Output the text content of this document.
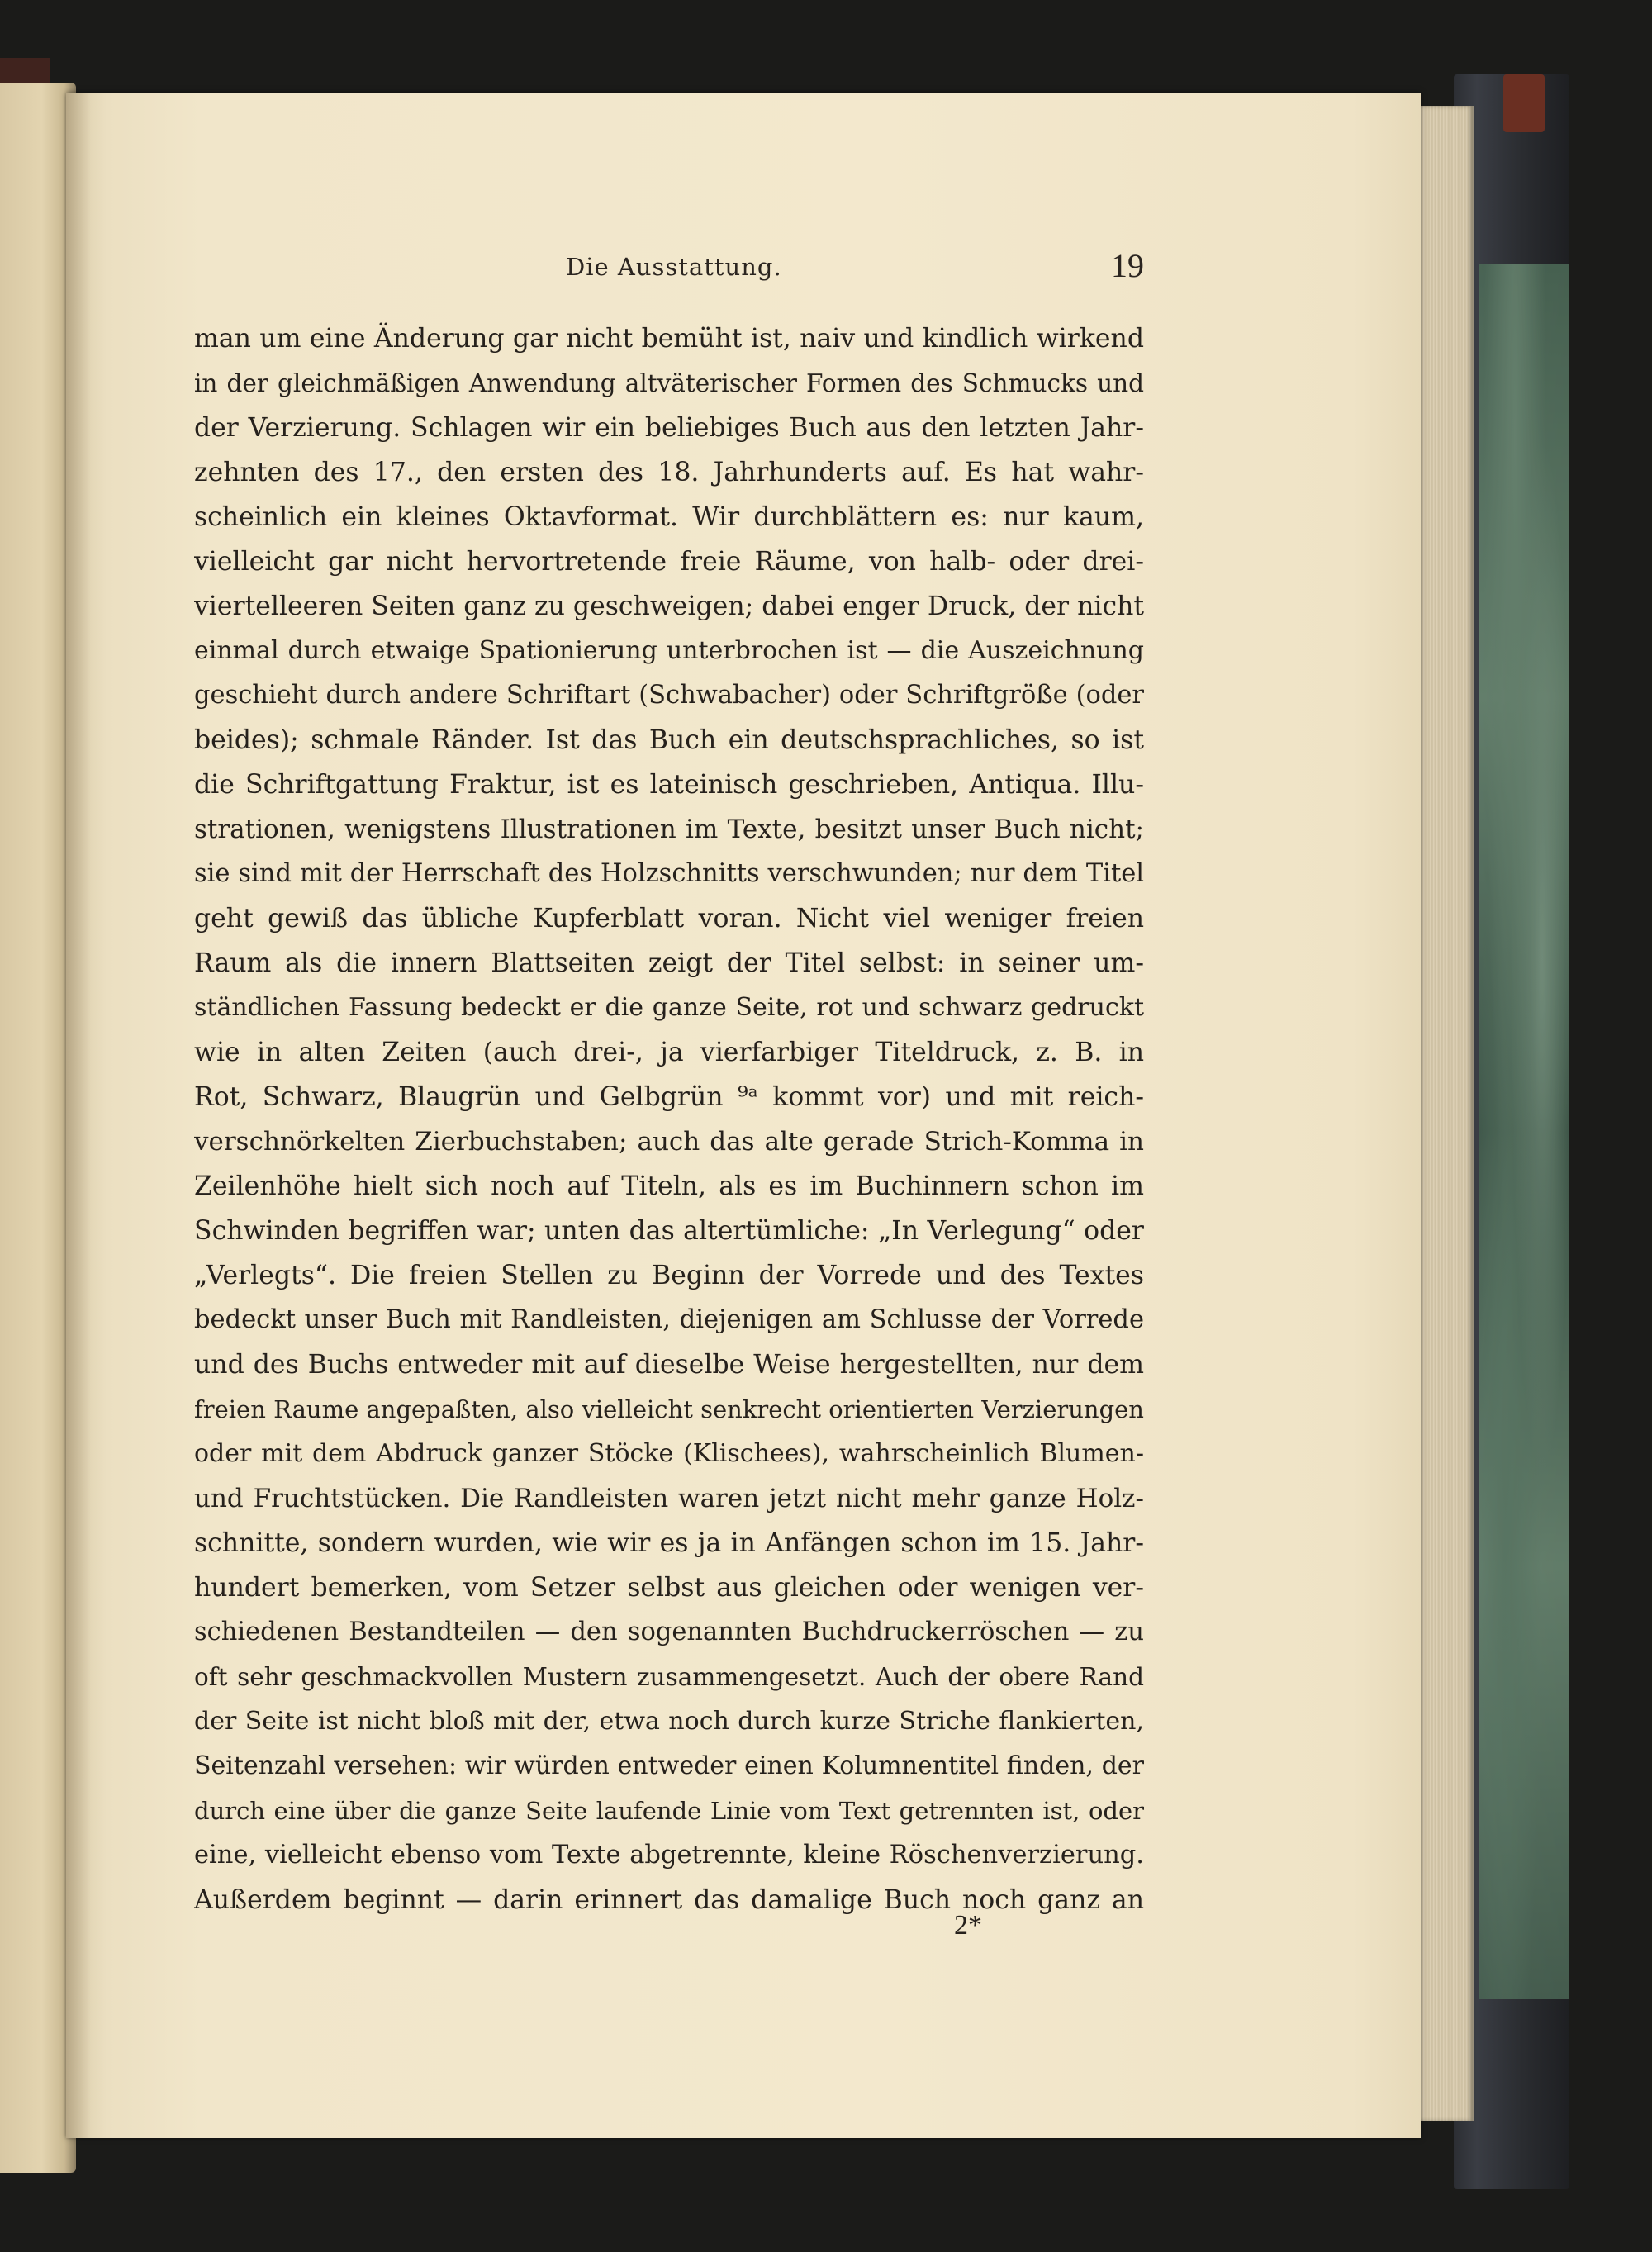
Die Ausstattung.	19
man um eine Änderung gar nicht bemüht ist, naiv und kindlich wirkend
in der gleichmäßigen Anwendung altväterischer Formen des Schmucks und
der Verzierung. Schlagen wir ein beliebiges Buch aus den letzten Jahr-
zehnten des 17., den ersten des 18. Jahrhunderts auf. Es hat wahr-
scheinlich ein kleines Oktavformat. Wir durchblättern es: nur kaum,
vielleicht gar nicht hervortretende freie Räume, von halb- oder drei-
viertelleeren Seiten ganz zu geschweigen; dabei enger Druck, der nicht
einmal durch etwaige Spationierung unterbrochen ist — die Auszeichnung
geschieht durch andere Schriftart (Schwabacher) oder Schriftgröße (oder
beides); schmale Ränder. Ist das Buch ein deutschsprachliches, so ist
die Schriftgattung Fraktur, ist es lateinisch geschrieben, Antiqua. Illu-
strationen, wenigstens Illustrationen im Texte, besitzt unser Buch nicht;
sie sind mit der Herrschaft des Holzschnitts verschwunden; nur dem Titel
geht gewiß das übliche Kupferblatt voran. Nicht viel weniger freien
Raum als die innern Blattseiten zeigt der Titel selbst: in seiner um-
ständlichen Fassung bedeckt er die ganze Seite, rot und schwarz gedruckt
wie in alten Zeiten (auch drei-, ja vierfarbiger Titeldruck, z. B. in
Rot, Schwarz, Blaugrün und Gelbgrün ⁹ᵃ kommt vor) und mit reich-
verschnörkelten Zierbuchstaben; auch das alte gerade Strich-Komma in
Zeilenhöhe hielt sich noch auf Titeln, als es im Buchinnern schon im
Schwinden begriffen war; unten das altertümliche: „In Verlegung“ oder
„Verlegts“. Die freien Stellen zu Beginn der Vorrede und des Textes
bedeckt unser Buch mit Randleisten, diejenigen am Schlusse der Vorrede
und des Buchs entweder mit auf dieselbe Weise hergestellten, nur dem
freien Raume angepaßten, also vielleicht senkrecht orientierten Verzierungen
oder mit dem Abdruck ganzer Stöcke (Klischees), wahrscheinlich Blumen-
und Fruchtstücken. Die Randleisten waren jetzt nicht mehr ganze Holz-
schnitte, sondern wurden, wie wir es ja in Anfängen schon im 15. Jahr-
hundert bemerken, vom Setzer selbst aus gleichen oder wenigen ver-
schiedenen Bestandteilen — den sogenannten Buchdruckerröschen — zu
oft sehr geschmackvollen Mustern zusammengesetzt. Auch der obere Rand
der Seite ist nicht bloß mit der, etwa noch durch kurze Striche flankierten,
Seitenzahl versehen: wir würden entweder einen Kolumnentitel finden, der
durch eine über die ganze Seite laufende Linie vom Text getrennten ist, oder
eine, vielleicht ebenso vom Texte abgetrennte, kleine Röschenverzierung.
Außerdem beginnt — darin erinnert das damalige Buch noch ganz an
2*
